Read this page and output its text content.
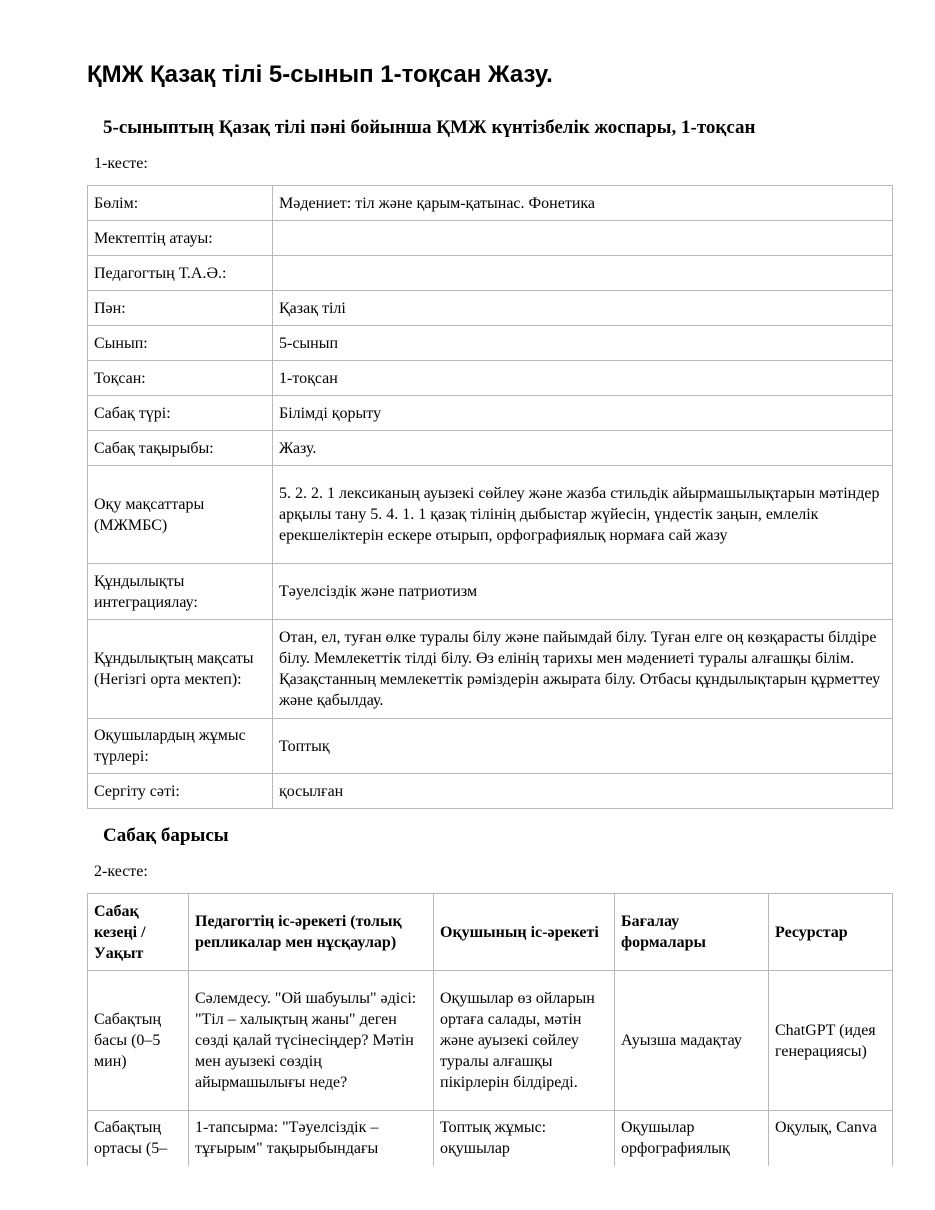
ҚМЖ Қазақ тілі 5-сынып 1-тоқсан Жазу.
5-сыныптың Қазақ тілі пәні бойынша ҚМЖ күнтізбелік жоспары, 1-тоқсан

1-кесте:

Бөлім:	Мәдениет: тіл және қарым-қатынас. Фонетика
Мектептің атауы:	
Педагогтың Т.А.Ә.:	
Пән:	Қазақ тілі
Сынып:	5-сынып
Тоқсан:	1-тоқсан
Сабақ түрі:	Білімді қорыту
Сабақ тақырыбы:	Жазу.
Оқу мақсаттары (МЖМБС)	5. 2. 2. 1 лексиканың ауызекі сөйлеу және жазба стильдік айырмашылықтарын мәтіндер арқылы тану 5. 4. 1. 1 қазақ тілінің дыбыстар жүйесін, үндестік заңын, емлелік ерекшеліктерін ескере отырып, орфографиялық нормаға сай жазу
Құндылықты интеграциялау:	Тәуелсіздік және патриотизм
Құндылықтың мақсаты (Негізгі орта мектеп):	Отан, ел, туған өлке туралы білу және пайымдай білу. Туған елге оң көзқарасты білдіре білу. Мемлекеттік тілді білу. Өз елінің тарихы мен мәдениеті туралы алғашқы білім. Қазақстанның мемлекеттік рәміздерін ажырата білу. Отбасы құндылықтарын құрметтеу және қабылдау.
Оқушылардың жұмыс түрлері:	Топтық
Сергіту сәті:	қосылған
Сабақ барысы

2-кесте:

Сабақ кезеңі / Уақыт	Педагогтің іс-әрекеті (толық репликалар мен нұсқаулар)	Оқушының іс-әрекеті	Бағалау формалары	Ресурстар
Сабақтың басы (0–5 мин)	Сәлемдесу. "Ой шабуылы" әдісі: "Тіл – халықтың жаны" деген сөзді қалай түсінесіңдер? Мәтін мен ауызекі сөздің айырмашылығы неде?	Оқушылар өз ойларын ортаға салады, мәтін және ауызекі сөйлеу туралы алғашқы пікірлерін білдіреді.	Ауызша мадақтау	ChatGPT (идея генерациясы)
Сабақтың ортасы (5–	1-тапсырма: "Тәуелсіздік – тұғырым" тақырыбындағы	Топтық жұмыс: оқушылар	Оқушылар орфографиялық	Оқулық, Canva
